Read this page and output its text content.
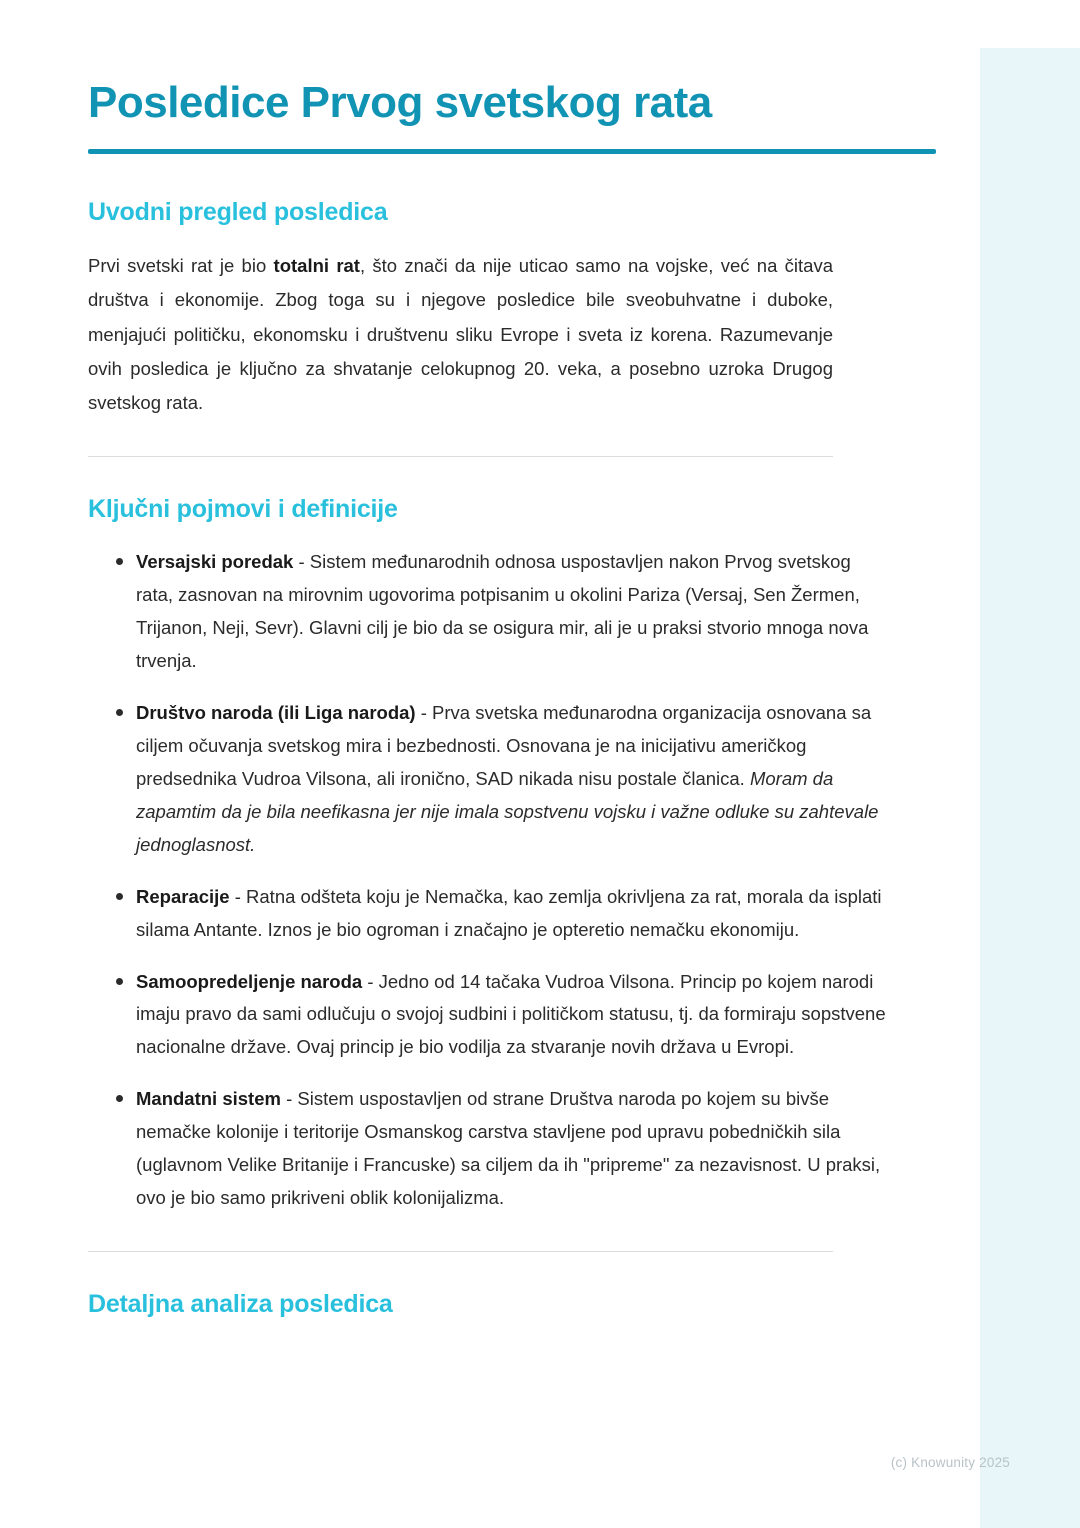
Posledice Prvog svetskog rata
Uvodni pregled posledica

Prvi svetski rat je bio totalni rat, što znači da nije uticao samo na vojske, već na čitava društva i ekonomije. Zbog toga su i njegove posledice bile sveobuhvatne i duboke, menjajući političku, ekonomsku i društvenu sliku Evrope i sveta iz korena. Razumevanje ovih posledica je ključno za shvatanje celokupnog 20. veka, a posebno uzroka Drugog svetskog rata.

Ključni pojmovi i definicije
Versajski poredak - Sistem međunarodnih odnosa uspostavljen nakon Prvog svetskog rata, zasnovan na mirovnim ugovorima potpisanim u okolini Pariza (Versaj, Sen Žermen, Trijanon, Neji, Sevr). Glavni cilj je bio da se osigura mir, ali je u praksi stvorio mnoga nova trvenja.
Društvo naroda (ili Liga naroda) - Prva svetska međunarodna organizacija osnovana sa ciljem očuvanja svetskog mira i bezbednosti. Osnovana je na inicijativu američkog predsednika Vudroa Vilsona, ali ironično, SAD nikada nisu postale članica. Moram da zapamtim da je bila neefikasna jer nije imala sopstvenu vojsku i važne odluke su zahtevale jednoglasnost.
Reparacije - Ratna odšteta koju je Nemačka, kao zemlja okrivljena za rat, morala da isplati silama Antante. Iznos je bio ogroman i značajno je opteretio nemačku ekonomiju.
Samoopredeljenje naroda - Jedno od 14 tačaka Vudroa Vilsona. Princip po kojem narodi imaju pravo da sami odlučuju o svojoj sudbini i političkom statusu, tj. da formiraju sopstvene nacionalne države. Ovaj princip je bio vodilja za stvaranje novih država u Evropi.
Mandatni sistem - Sistem uspostavljen od strane Društva naroda po kojem su bivše nemačke kolonije i teritorije Osmanskog carstva stavljene pod upravu pobedničkih sila (uglavnom Velike Britanije i Francuske) sa ciljem da ih "pripreme" za nezavisnost. U praksi, ovo je bio samo prikriveni oblik kolonijalizma.
Detaljna analiza posledica
(c) Knowunity 2025
